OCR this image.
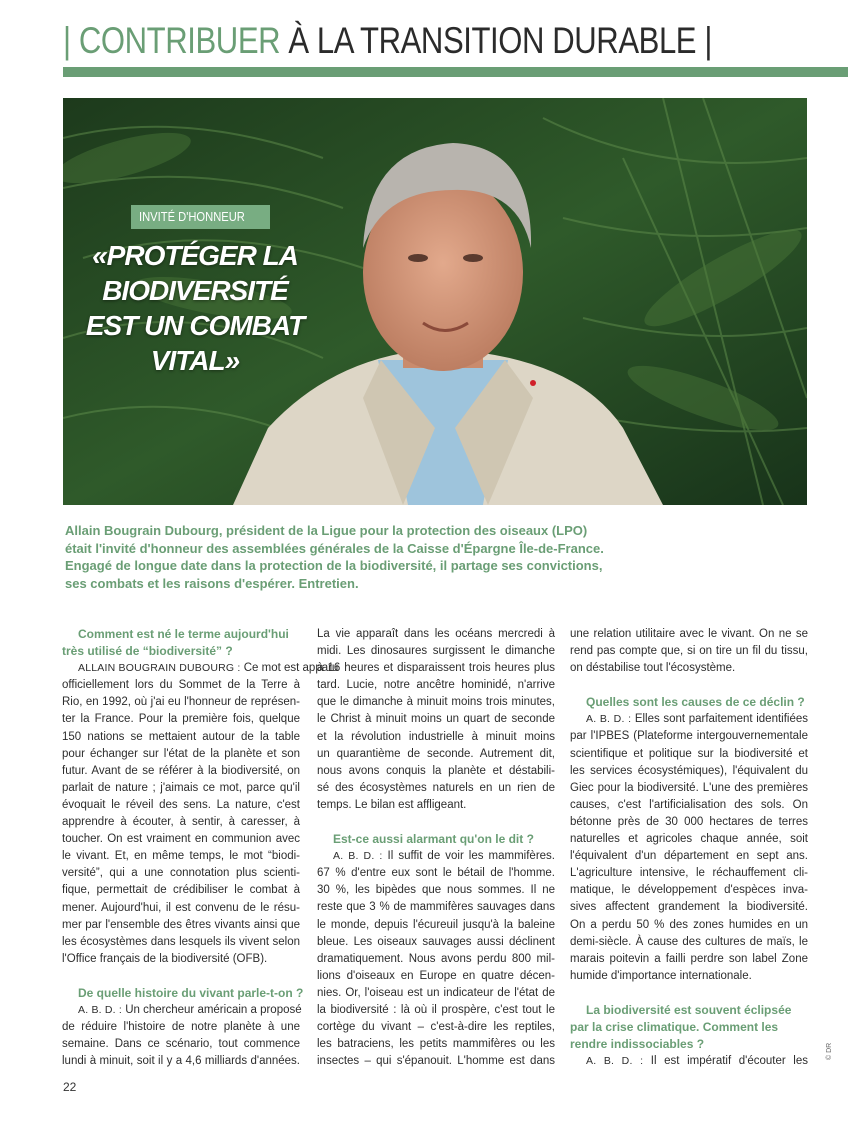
| CONTRIBUER À LA TRANSITION DURABLE |
INVITÉ D'HONNEUR
«PROTÉGER LA
BIODIVERSITÉ
EST UN COMBAT
VITAL»
Allain Bougrain Dubourg, président de la Ligue pour la protection des oiseaux (LPO)
était l'invité d'honneur des assemblées générales de la Caisse d'Épargne Île-de-France.
Engagé de longue date dans la protection de la biodiversité, il partage ses convictions,
ses combats et les raisons d'espérer. Entretien.
Comment est né le terme aujourd'hui
très utilisé de “biodiversité” ?
ALLAIN BOUGRAIN DUBOURG : Ce mot est apparu
officiellement lors du Sommet de la Terre à
Rio, en 1992, où j'ai eu l'honneur de représen-
ter la France. Pour la première fois, quelque
150 nations se mettaient autour de la table
pour échanger sur l'état de la planète et son
futur. Avant de se référer à la biodiversité, on
parlait de nature ; j'aimais ce mot, parce qu'il
évoquait le réveil des sens. La nature, c'est
apprendre à écouter, à sentir, à caresser, à
toucher. On est vraiment en communion avec
le vivant. Et, en même temps, le mot “biodi-
versité”, qui a une connotation plus scienti-
fique, permettait de crédibiliser le combat à
mener. Aujourd'hui, il est convenu de le résu-
mer par l'ensemble des êtres vivants ainsi que
les écosystèmes dans lesquels ils vivent selon
l'Office français de la biodiversité (OFB).
De quelle histoire du vivant parle-t-on ?
A. B. D. : Un chercheur américain a proposé
de réduire l'histoire de notre planète à une
semaine. Dans ce scénario, tout commence
lundi à minuit, soit il y a 4,6 milliards d'années.
La vie apparaît dans les océans mercredi à
midi. Les dinosaures surgissent le dimanche
à 16 heures et disparaissent trois heures plus
tard. Lucie, notre ancêtre hominidé, n'arrive
que le dimanche à minuit moins trois minutes,
le Christ à minuit moins un quart de seconde
et la révolution industrielle à minuit moins
un quarantième de seconde. Autrement dit,
nous avons conquis la planète et déstabili-
sé des écosystèmes naturels en un rien de
temps. Le bilan est affligeant.
Est-ce aussi alarmant qu'on le dit ?
A. B. D. : Il suffit de voir les mammifères.
67 % d'entre eux sont le bétail de l'homme.
30 %, les bipèdes que nous sommes. Il ne
reste que 3 % de mammifères sauvages dans
le monde, depuis l'écureuil jusqu'à la baleine
bleue. Les oiseaux sauvages aussi déclinent
dramatiquement. Nous avons perdu 800 mil-
lions d'oiseaux en Europe en quatre décen-
nies. Or, l'oiseau est un indicateur de l'état de
la biodiversité : là où il prospère, c'est tout le
cortège du vivant – c'est-à-dire les reptiles,
les batraciens, les petits mammifères ou les
insectes – qui s'épanouit. L'homme est dans
une relation utilitaire avec le vivant. On ne se
rend pas compte que, si on tire un fil du tissu,
on déstabilise tout l'écosystème.
Quelles sont les causes de ce déclin ?
A. B. D. : Elles sont parfaitement identifiées
par l'IPBES (Plateforme intergouvernementale
scientifique et politique sur la biodiversité et
les services écosystémiques), l'équivalent du
Giec pour la biodiversité. L'une des premières
causes, c'est l'artificialisation des sols. On
bétonne près de 30 000 hectares de terres
naturelles et agricoles chaque année, soit
l'équivalent d'un département en sept ans.
L'agriculture intensive, le réchauffement cli-
matique, le développement d'espèces inva-
sives affectent grandement la biodiversité.
On a perdu 50 % des zones humides en un
demi-siècle. À cause des cultures de maïs, le
marais poitevin a failli perdre son label Zone
humide d'importance internationale.
La biodiversité est souvent éclipsée
par la crise climatique. Comment les
rendre indissociables ?
A. B. D. : Il est impératif d'écouter les
22
© DR
